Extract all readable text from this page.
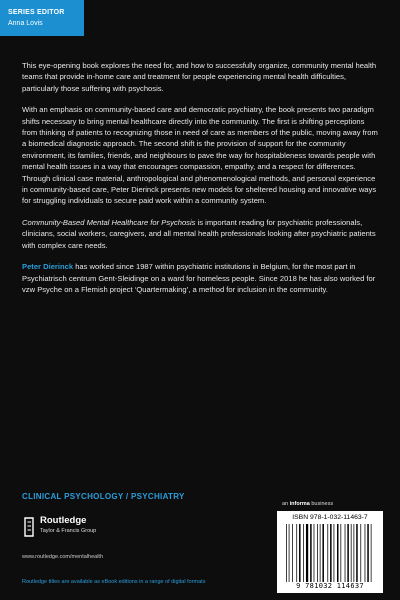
SERIES EDITOR
Anna Lovis

This eye-opening book explores the need for, and how to successfully organize, community mental health teams that provide in-home care and treatment for people experiencing mental health difficulties, particularly those suffering with psychosis.

With an emphasis on community-based care and democratic psychiatry, the book presents two paradigm shifts necessary to bring mental healthcare directly into the community. The first is shifting perceptions from thinking of patients to recognizing those in need of care as members of the public, moving away from a biomedical diagnostic approach. The second shift is the provision of support for the community environment, its families, friends, and neighbours to pave the way for hospitableness towards people with mental health issues in a way that encourages compassion, empathy, and a respect for differences. Through clinical case material, anthropological and phenomenological methods, and personal experience in community-based care, Peter Dierinck presents new models for sheltered housing and innovative ways for struggling individuals to secure paid work within a community system.

Community-Based Mental Healthcare for Psychosis is important reading for psychiatric professionals, clinicians, social workers, caregivers, and all mental health professionals looking after psychiatric patients with complex care needs.

Peter Dierinck has worked since 1987 within psychiatric institutions in Belgium, for the most part in Psychiatrisch centrum Gent-Sleidinge on a ward for homeless people. Since 2018 he has also worked for vzw Psyche on a Flemish project ‘Quartermaking’, a method for inclusion in the community.

CLINICAL PSYCHOLOGY / PSYCHIATRY
Routledge
Taylor & Francis Group
www.routledge.com/mentalhealth
Routledge titles are available as eBook editions in a range of digital formats
an informa business
ISBN 978-1-032-11463-7
9 781032 114637
